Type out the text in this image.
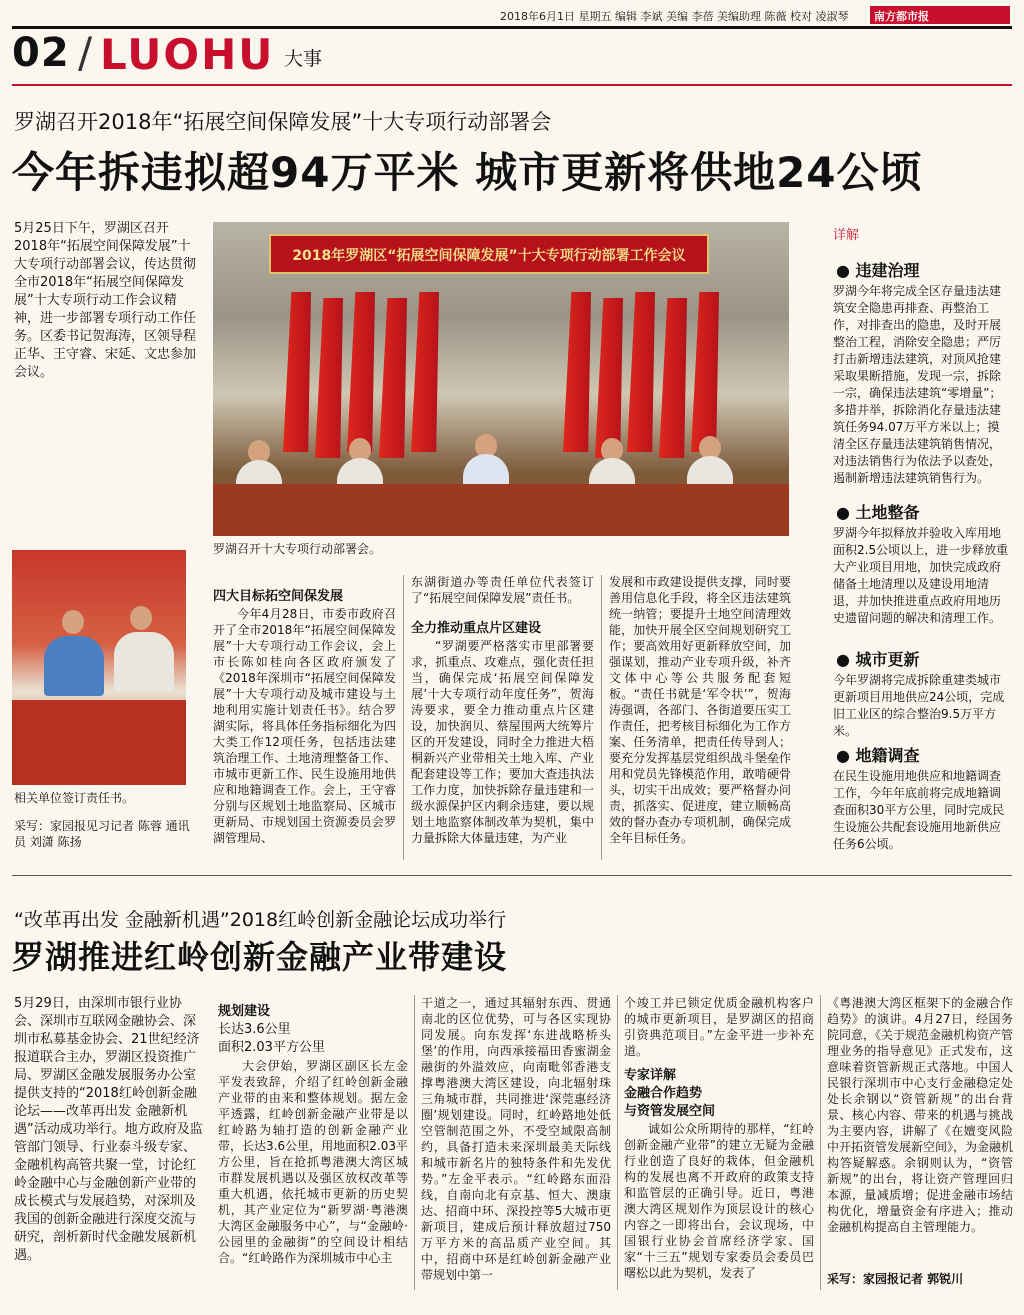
2018年6月1日 星期五 编辑 李斌 美编 李蓓 美编助理 陈薇 校对 凌淑琴	南方都市报
02 / LUOHU 大事
罗湖召开2018年“拓展空间保障发展”十大专项行动部署会
今年拆违拟超94万平米 城市更新将供地24公顷
5月25日下午，罗湖区召开2018年“拓展空间保障发展”十大专项行动部署会议，传达贯彻全市2018年“拓展空间保障发展”十大专项行动工作会议精神，进一步部署专项行动工作任务。区委书记贺海涛，区领导程正华、王守睿、宋延、文忠参加会议。
2018年罗湖区“拓展空间保障发展”十大专项行动部署工作会议
罗湖召开十大专项行动部署会。
相关单位签订责任书。
采写：家园报见习记者 陈蓉 通讯员 刘潇 陈扬
四大目标拓空间保发展
今年4月28日，市委市政府召开了全市2018年“拓展空间保障发展”十大专项行动工作会议，会上市长陈如桂向各区政府颁发了《2018年深圳市“拓展空间保障发展”十大专项行动及城市建设与土地利用实施计划责任书》。结合罗湖实际，将具体任务指标细化为四大类工作12项任务，包括违法建筑治理工作、土地清理整备工作、市城市更新工作、民生设施用地供应和地籍调查工作。会上，王守睿分别与区规划土地监察局、区城市更新局、市规划国土资源委员会罗湖管理局、
东湖街道办等责任单位代表签订了“拓展空间保障发展”责任书。
全力推动重点片区建设
“罗湖要严格落实市里部署要求，抓重点、攻难点，强化责任担当，确保完成‘拓展空间保障发展’十大专项行动年度任务”，贺海涛要求，要全力推动重点片区建设，加快润贝、蔡屋围两大统筹片区的开发建设，同时全力推进大梧桐新兴产业带相关土地入库、产业配套建设等工作；要加大查违执法工作力度，加快拆除存量违建和一级水源保护区内剩余违建，要以规划土地监察体制改革为契机，集中力量拆除大体量违建，为产业
发展和市政建设提供支撑，同时要善用信息化手段，将全区违法建筑统一纳管；要提升土地空间清理效能，加快开展全区空间规划研究工作；要高效用好更新释放空间，加强谋划，推动产业专项升级，补齐文体中心等公共服务配套短板。“责任书就是‘军令状’”，贺海涛强调，各部门、各街道要压实工作责任，把考核目标细化为工作方案、任务清单，把责任传导到人；要充分发挥基层党组织战斗堡垒作用和党员先锋模范作用，敢啃硬骨头，切实干出成效；要严格督办问责，抓落实、促进度，建立顺畅高效的督办查办专项机制，确保完成全年目标任务。
详解
● 违建治理
罗湖今年将完成全区存量违法建筑安全隐患再排查、再整治工作，对排查出的隐患，及时开展整治工程，消除安全隐患；严厉打击新增违法建筑，对顶风抢建采取果断措施，发现一宗，拆除一宗，确保违法建筑“零增量”；多措并举，拆除消化存量违法建筑任务94.07万平方米以上；摸清全区存量违法建筑销售情况，对违法销售行为依法予以查处，遏制新增违法建筑销售行为。
● 土地整备
罗湖今年拟释放并验收入库用地面积2.5公顷以上，进一步释放重大产业项目用地，加快完成政府储备土地清理以及建设用地清退，并加快推进重点政府用地历史遗留问题的解决和清理工作。
● 城市更新
今年罗湖将完成拆除重建类城市更新项目用地供应24公顷，完成旧工业区的综合整治9.5万平方米。
● 地籍调查
在民生设施用地供应和地籍调查工作，今年年底前将完成地籍调查面积30平方公里，同时完成民生设施公共配套设施用地新供应任务6公顷。
“改革再出发 金融新机遇”2018红岭创新金融论坛成功举行
罗湖推进红岭创新金融产业带建设
5月29日，由深圳市银行业协会、深圳市互联网金融协会、深圳市私募基金协会、21世纪经济报道联合主办，罗湖区投资推广局、罗湖区金融发展服务办公室提供支持的“2018红岭创新金融论坛——改革再出发 金融新机遇”活动成功举行。地方政府及监管部门领导、行业泰斗级专家、金融机构高管共聚一堂，讨论红岭金融中心与金融创新产业带的成长模式与发展趋势，对深圳及我国的创新金融进行深度交流与研究，剖析新时代金融发展新机遇。
规划建设
长达3.6公里
面积2.03平方公里
大会伊始，罗湖区副区长左金平发表致辞，介绍了红岭创新金融产业带的由来和整体规划。据左金平透露，红岭创新金融产业带是以红岭路为轴打造的创新金融产业带，长达3.6公里，用地面积2.03平方公里，旨在抢抓粤港澳大湾区城市群发展机遇以及强区放权改革等重大机遇，依托城市更新的历史契机，其产业定位为“新罗湖·粤港澳大湾区金融服务中心”，与“金融岭·公园里的金融街”的空间设计相结合。“红岭路作为深圳城市中心主
干道之一，通过其辐射东西、贯通南北的区位优势，可与各区实现协同发展。向东发挥‘东进战略桥头堡’的作用，向西承接福田香蜜湖金融街的外溢效应，向南毗邻香港支撑粤港澳大湾区建设，向北辐射珠三角城市群，共同推进‘深莞惠经济圈’规划建设。同时，红岭路地处低空管制范围之外，不受空域限高制约，具备打造未来深圳最美天际线和城市新名片的独特条件和先发优势。”左金平表示。“红岭路东面沿线，自南向北有京基、恒大、澳康达、招商中环、深投控等5大城市更新项目，建成后预计释放超过750万平方米的高品质产业空间。其中，招商中环是红岭创新金融产业带规划中第一
个竣工并已锁定优质金融机构客户的城市更新项目，是罗湖区的招商引资典范项目。”左金平进一步补充道。
专家详解
金融合作趋势
与资管发展空间
诚如公众所期待的那样，“红岭创新金融产业带”的建立无疑为金融行业创造了良好的栽体，但金融机构的发展也离不开政府的政策支持和监管层的正确引导。近日，粤港澳大湾区规划作为顶层设计的核心内容之一即将出台，会议现场，中国银行业协会首席经济学家、国家“十三五”规划专家委员会委员巴曙松以此为契机，发表了
《粤港澳大湾区框架下的金融合作趋势》的演讲。4月27日，经国务院同意，《关于规范金融机构资产管理业务的指导意见》正式发布，这意味着资管新规正式落地。中国人民银行深圳市中心支行金融稳定处处长余钢以“资管新规”的出台背景、核心内容、带来的机遇与挑战为主要内容，讲解了《在嬗变风险中开拓资管发展新空间》，为金融机构答疑解惑。余钢则认为，“资管新规”的出台，将让资产管理回归本源，量减质增；促进金融市场结构优化，增量资金有序进入；推动金融机构提高自主管理能力。
采写：家园报记者 郭锐川
